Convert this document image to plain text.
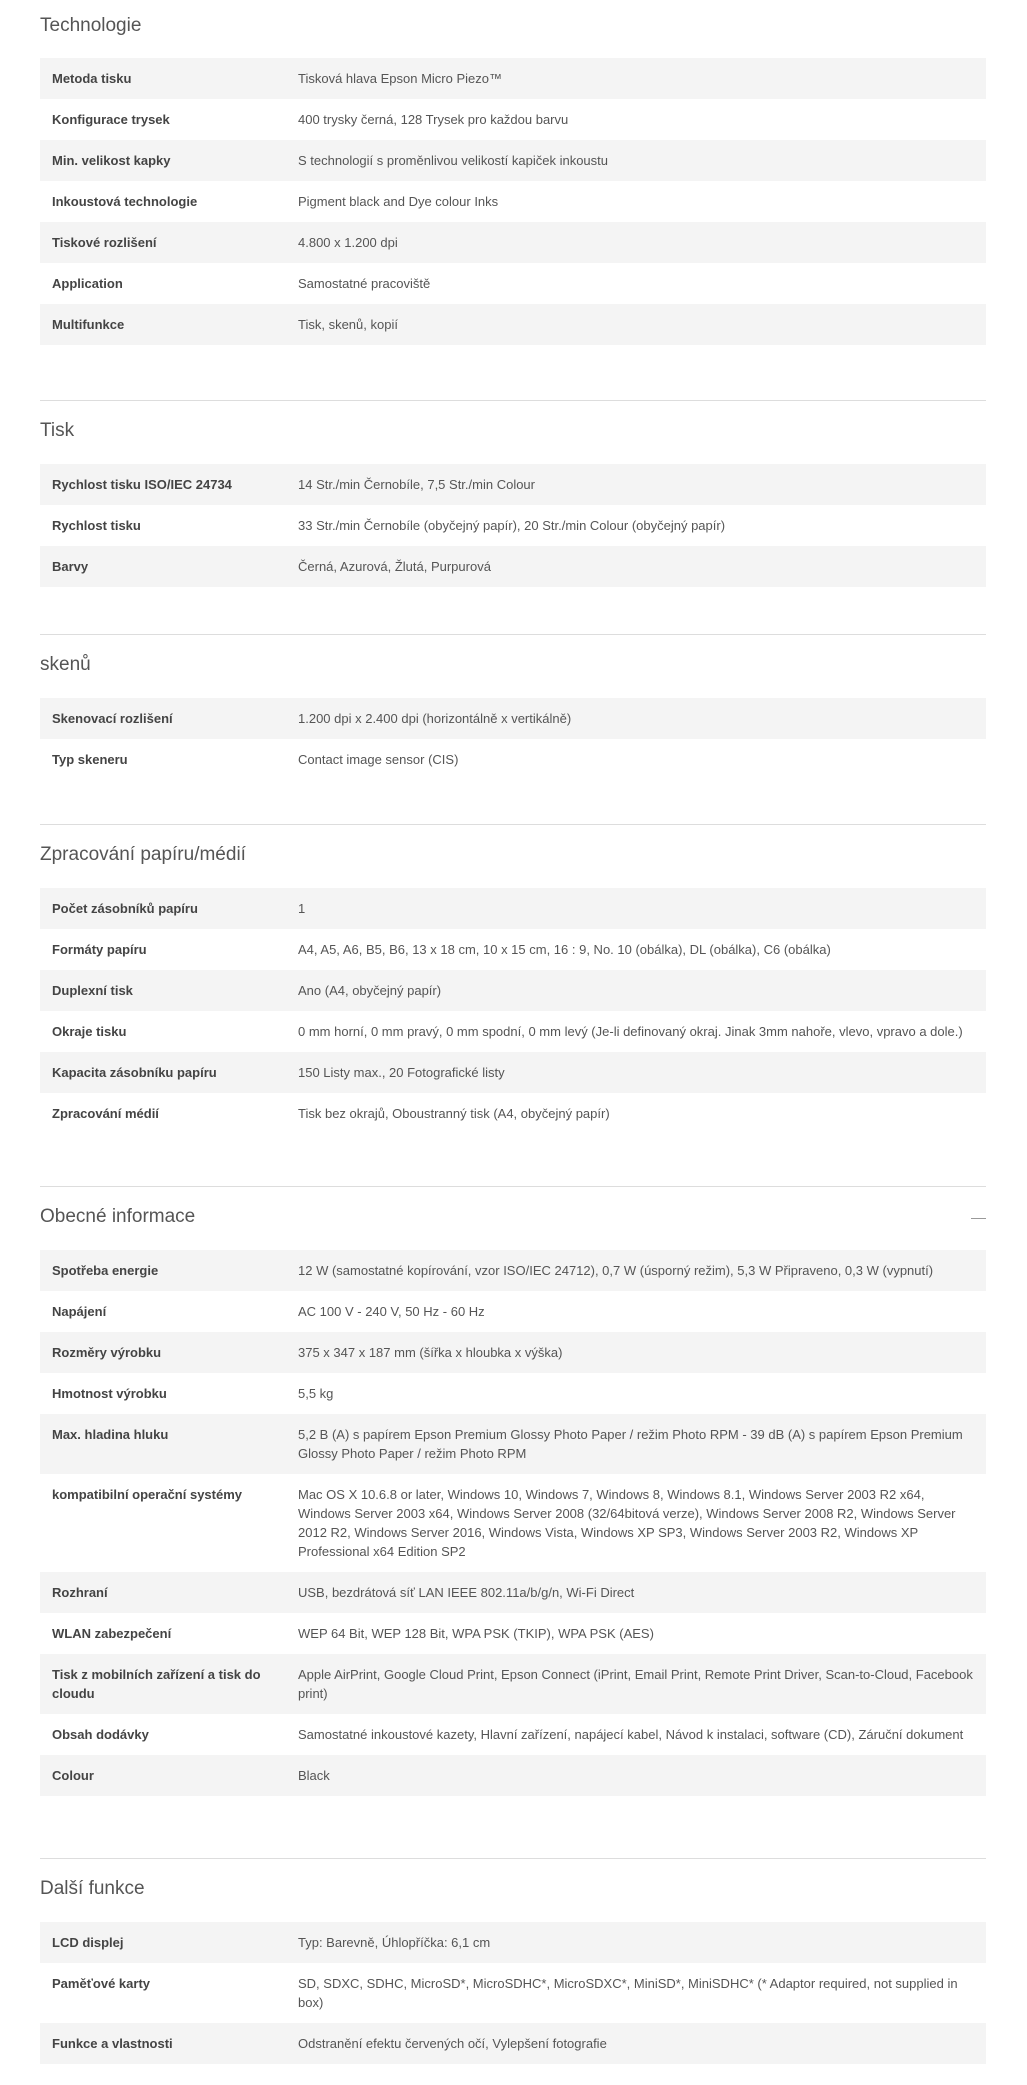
Technologie
Metoda tisku	Tisková hlava Epson Micro Piezo™
Konfigurace trysek	400 trysky černá, 128 Trysek pro každou barvu
Min. velikost kapky	S technologií s proměnlivou velikostí kapiček inkoustu
Inkoustová technologie	Pigment black and Dye colour Inks
Tiskové rozlišení	4.800 x 1.200 dpi
Application	Samostatné pracoviště
Multifunkce	Tisk, skenů, kopií
Tisk
Rychlost tisku ISO/IEC 24734	14 Str./min Černobíle, 7,5 Str./min Colour
Rychlost tisku	33 Str./min Černobíle (obyčejný papír), 20 Str./min Colour (obyčejný papír)
Barvy	Černá, Azurová, Žlutá, Purpurová
skenů
Skenovací rozlišení	1.200 dpi x 2.400 dpi (horizontálně x vertikálně)
Typ skeneru	Contact image sensor (CIS)
Zpracování papíru/médií
Počet zásobníků papíru	1
Formáty papíru	A4, A5, A6, B5, B6, 13 x 18 cm, 10 x 15 cm, 16 : 9, No. 10 (obálka), DL (obálka), C6 (obálka)
Duplexní tisk	Ano (A4, obyčejný papír)
Okraje tisku	0 mm horní, 0 mm pravý, 0 mm spodní, 0 mm levý (Je-li definovaný okraj. Jinak 3mm nahoře, vlevo, vpravo a dole.)
Kapacita zásobníku papíru	150 Listy max., 20 Fotografické listy
Zpracování médií	Tisk bez okrajů, Oboustranný tisk (A4, obyčejný papír)
Obecné informace
Spotřeba energie	12 W (samostatné kopírování, vzor ISO/IEC 24712), 0,7 W (úsporný režim), 5,3 W Připraveno, 0,3 W (vypnutí)
Napájení	AC 100 V - 240 V, 50 Hz - 60 Hz
Rozměry výrobku	375 x 347 x 187 mm (šířka x hloubka x výška)
Hmotnost výrobku	5,5 kg
Max. hladina hluku	5,2 B (A) s papírem Epson Premium Glossy Photo Paper / režim Photo RPM - 39 dB (A) s papírem Epson Premium Glossy Photo Paper / režim Photo RPM
kompatibilní operační systémy	Mac OS X 10.6.8 or later, Windows 10, Windows 7, Windows 8, Windows 8.1, Windows Server 2003 R2 x64, Windows Server 2003 x64, Windows Server 2008 (32/64bitová verze), Windows Server 2008 R2, Windows Server 2012 R2, Windows Server 2016, Windows Vista, Windows XP SP3, Windows Server 2003 R2, Windows XP Professional x64 Edition SP2
Rozhraní	USB, bezdrátová síť LAN IEEE 802.11a/b/g/n, Wi-Fi Direct
WLAN zabezpečení	WEP 64 Bit, WEP 128 Bit, WPA PSK (TKIP), WPA PSK (AES)
Tisk z mobilních zařízení a tisk do cloudu	Apple AirPrint, Google Cloud Print, Epson Connect (iPrint, Email Print, Remote Print Driver, Scan-to-Cloud, Facebook print)
Obsah dodávky	Samostatné inkoustové kazety, Hlavní zařízení, napájecí kabel, Návod k instalaci, software (CD), Záruční dokument
Colour	Black
Další funkce
LCD displej	Typ: Barevně, Úhlopříčka: 6,1 cm
Paměťové karty	SD, SDXC, SDHC, MicroSD*, MicroSDHC*, MicroSDXC*, MiniSD*, MiniSDHC* (* Adaptor required, not supplied in box)
Funkce a vlastnosti	Odstranění efektu červených očí, Vylepšení fotografie
